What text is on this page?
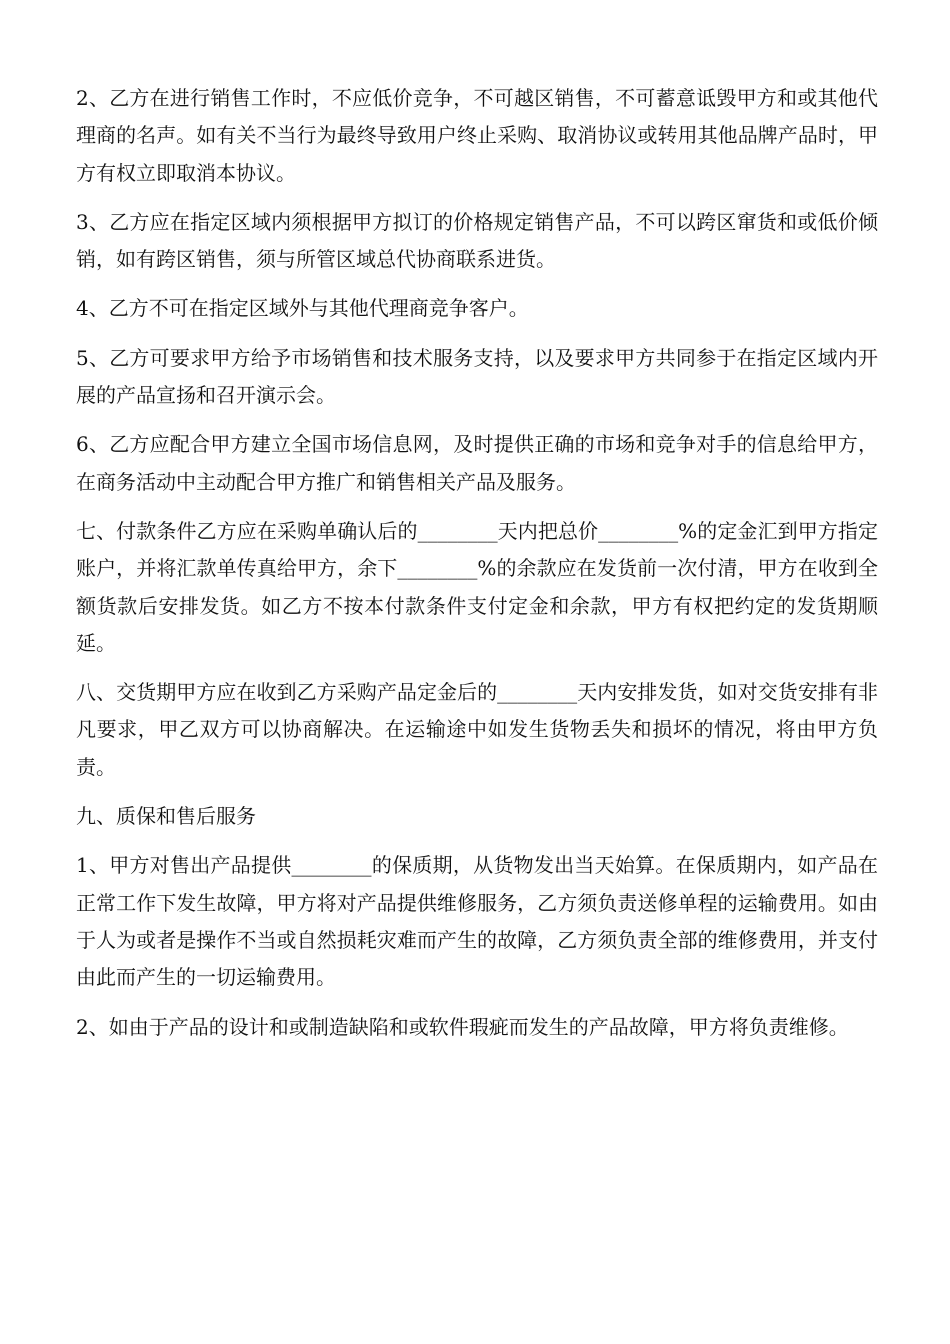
2、乙方在进行销售工作时，不应低价竞争，不可越区销售，不可蓄意诋毁甲方和或其他代理商的名声。如有关不当行为最终导致用户终止采购、取消协议或转用其他品牌产品时，甲方有权立即取消本协议。

3、乙方应在指定区域内须根据甲方拟订的价格规定销售产品，不可以跨区窜货和或低价倾销，如有跨区销售，须与所管区域总代协商联系进货。

4、乙方不可在指定区域外与其他代理商竞争客户。

5、乙方可要求甲方给予市场销售和技术服务支持，以及要求甲方共同参于在指定区域内开展的产品宣扬和召开演示会。

6、乙方应配合甲方建立全国市场信息网，及时提供正确的市场和竞争对手的信息给甲方，在商务活动中主动配合甲方推广和销售相关产品及服务。

七、付款条件乙方应在采购单确认后的________天内把总价________%的定金汇到甲方指定账户，并将汇款单传真给甲方，余下________%的余款应在发货前一次付清，甲方在收到全额货款后安排发货。如乙方不按本付款条件支付定金和余款，甲方有权把约定的发货期顺延。

八、交货期甲方应在收到乙方采购产品定金后的________天内安排发货，如对交货安排有非凡要求，甲乙双方可以协商解决。在运输途中如发生货物丢失和损坏的情况，将由甲方负责。

九、质保和售后服务

1、甲方对售出产品提供________的保质期，从货物发出当天始算。在保质期内，如产品在正常工作下发生故障，甲方将对产品提供维修服务，乙方须负责送修单程的运输费用。如由于人为或者是操作不当或自然损耗灾难而产生的故障，乙方须负责全部的维修费用，并支付由此而产生的一切运输费用。

2、如由于产品的设计和或制造缺陷和或软件瑕疵而发生的产品故障，甲方将负责维修。
